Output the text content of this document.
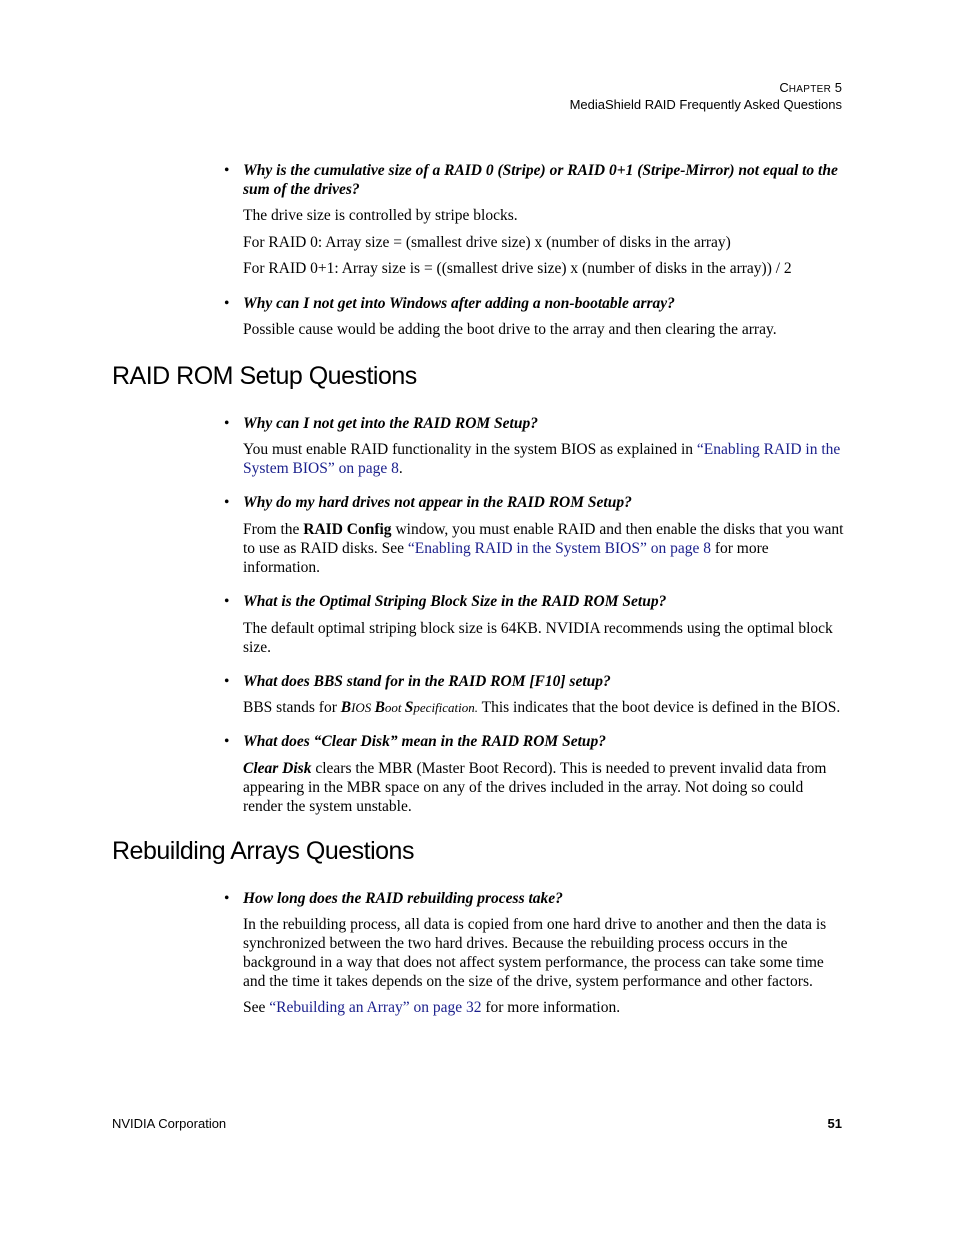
CHAPTER 5
MediaShield RAID Frequently Asked Questions
• Why is the cumulative size of a RAID 0 (Stripe) or RAID 0+1 (Stripe-Mirror) not equal to the sum of the drives?
The drive size is controlled by stripe blocks.
For RAID 0: Array size = (smallest drive size) x (number of disks in the array)
For RAID 0+1: Array size is = ((smallest drive size) x (number of disks in the array)) / 2
• Why can I not get into Windows after adding a non-bootable array?
Possible cause would be adding the boot drive to the array and then clearing the array.
RAID ROM Setup Questions
• Why can I not get into the RAID ROM Setup?
You must enable RAID functionality in the system BIOS as explained in “Enabling RAID in the System BIOS” on page 8.
• Why do my hard drives not appear in the RAID ROM Setup?
From the RAID Config window, you must enable RAID and then enable the disks that you want to use as RAID disks. See “Enabling RAID in the System BIOS” on page 8 for more information.
• What is the Optimal Striping Block Size in the RAID ROM Setup?
The default optimal striping block size is 64KB. NVIDIA recommends using the optimal block size.
• What does BBS stand for in the RAID ROM [F10] setup?
BBS stands for BIOS Boot Specification. This indicates that the boot device is defined in the BIOS.
• What does “Clear Disk” mean in the RAID ROM Setup?
Clear Disk clears the MBR (Master Boot Record). This is needed to prevent invalid data from appearing in the MBR space on any of the drives included in the array. Not doing so could render the system unstable.
Rebuilding Arrays Questions
• How long does the RAID rebuilding process take?
In the rebuilding process, all data is copied from one hard drive to another and then the data is synchronized between the two hard drives. Because the rebuilding process occurs in the background in a way that does not affect system performance, the process can take some time and the time it takes depends on the size of the drive, system performance and other factors.
See “Rebuilding an Array” on page 32 for more information.
NVIDIA Corporation	51
